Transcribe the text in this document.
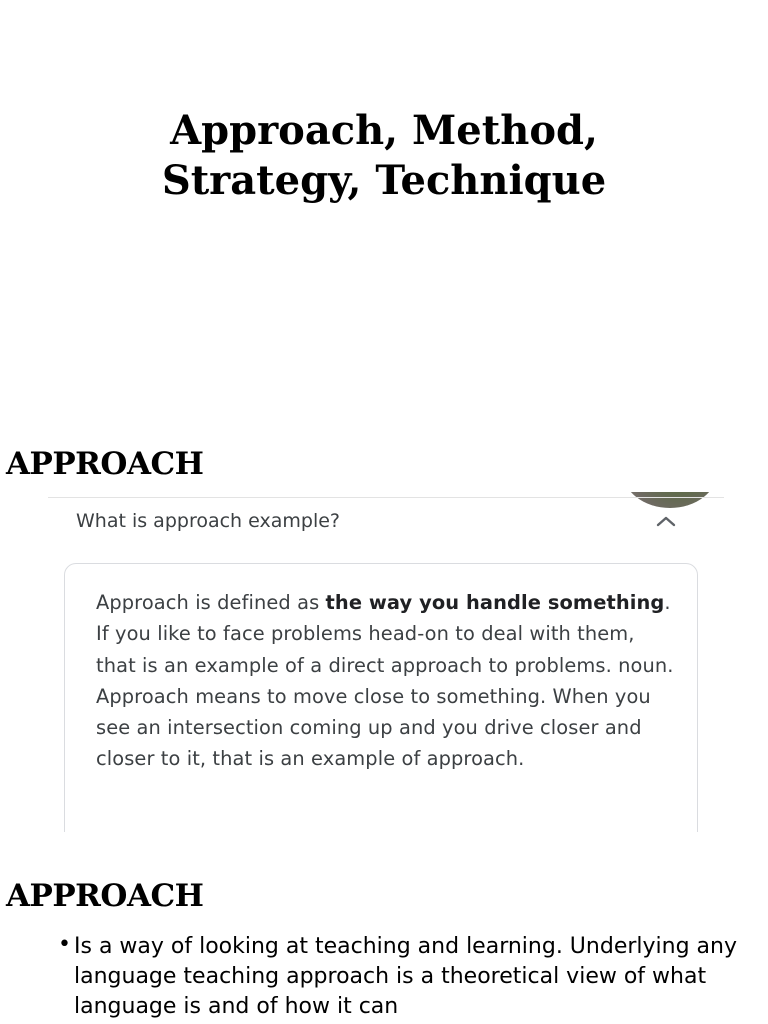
Approach, Method,
Strategy, Technique
APPROACH
What is approach example?

Approach is defined as the way you handle something. If you like to face problems head-on to deal with them, that is an example of a direct approach to problems. noun. Approach means to move close to something. When you see an intersection coming up and you drive closer and closer to it, that is an example of approach.

APPROACH
• Is a way of looking at teaching and learning. Underlying any language teaching approach is a theoretical view of what language is and of how it can
